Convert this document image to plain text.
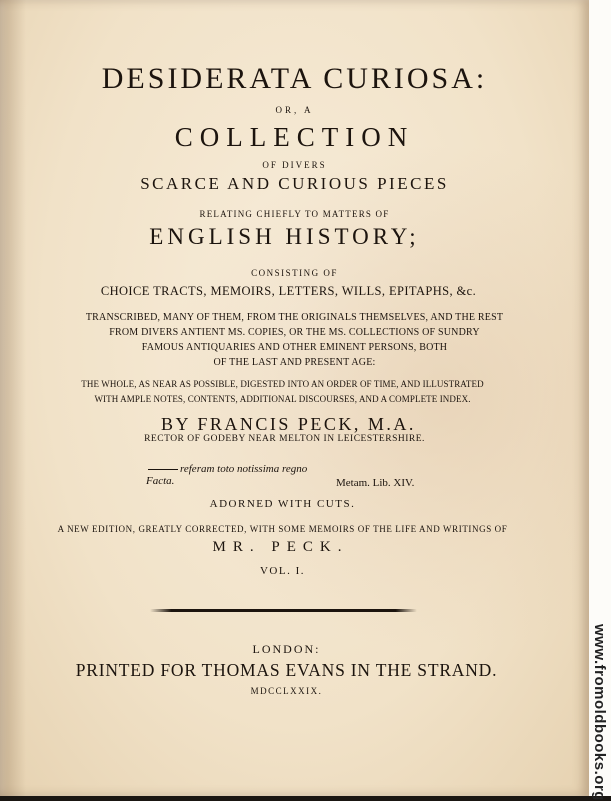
DESIDERATA CURIOSA:

OR, A

COLLECTION

OF DIVERS

SCARCE AND CURIOUS PIECES

RELATING CHIEFLY TO MATTERS OF

ENGLISH HISTORY;

CONSISTING OF

CHOICE TRACTS, MEMOIRS, LETTERS, WILLS, EPITAPHS, &c.

TRANSCRIBED, MANY OF THEM, FROM THE ORIGINALS THEMSELVES, AND THE REST
FROM DIVERS ANTIENT MS. COPIES, OR THE MS. COLLECTIONS OF SUNDRY
FAMOUS ANTIQUARIES AND OTHER EMINENT PERSONS, BOTH
OF THE LAST AND PRESENT AGE:
THE WHOLE, AS NEAR AS POSSIBLE, DIGESTED INTO AN ORDER OF TIME, AND ILLUSTRATED
WITH AMPLE NOTES, CONTENTS, ADDITIONAL DISCOURSES, AND A COMPLETE INDEX.

BY FRANCIS PECK, M.A.

RECTOR OF GODEBY NEAR MELTON IN LEICESTERSHIRE.

referam toto notissima regno
Facta.	Metam. Lib. XIV.

ADORNED WITH CUTS.

A NEW EDITION, GREATLY CORRECTED, WITH SOME MEMOIRS OF THE LIFE AND WRITINGS OF

MR. PECK.

VOL. I.

LONDON:

PRINTED FOR THOMAS EVANS IN THE STRAND.

MDCCLXXIX.	www.fromoldbooks.org
